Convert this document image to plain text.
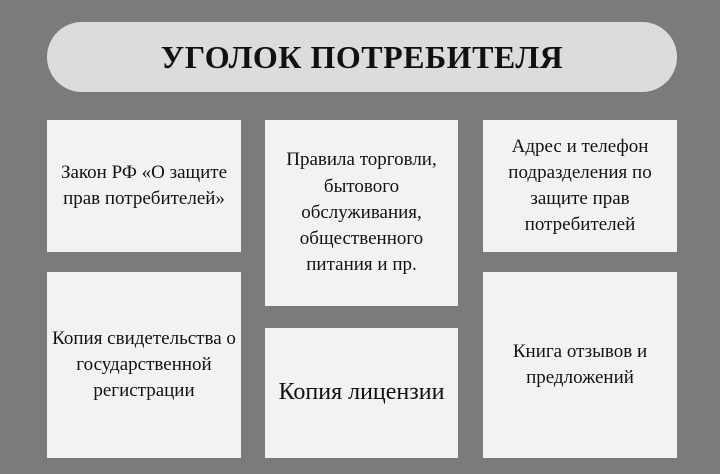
УГОЛОК ПОТРЕБИТЕЛЯ
Закон РФ «О защите прав потребителей»
Правила торговли, бытового обслуживания, общественного питания и пр.
Адрес и телефон подразделения по защите прав потребителей
Копия свидетельства о государственной регистрации	Копия лицензии
Книга отзывов и предложений
